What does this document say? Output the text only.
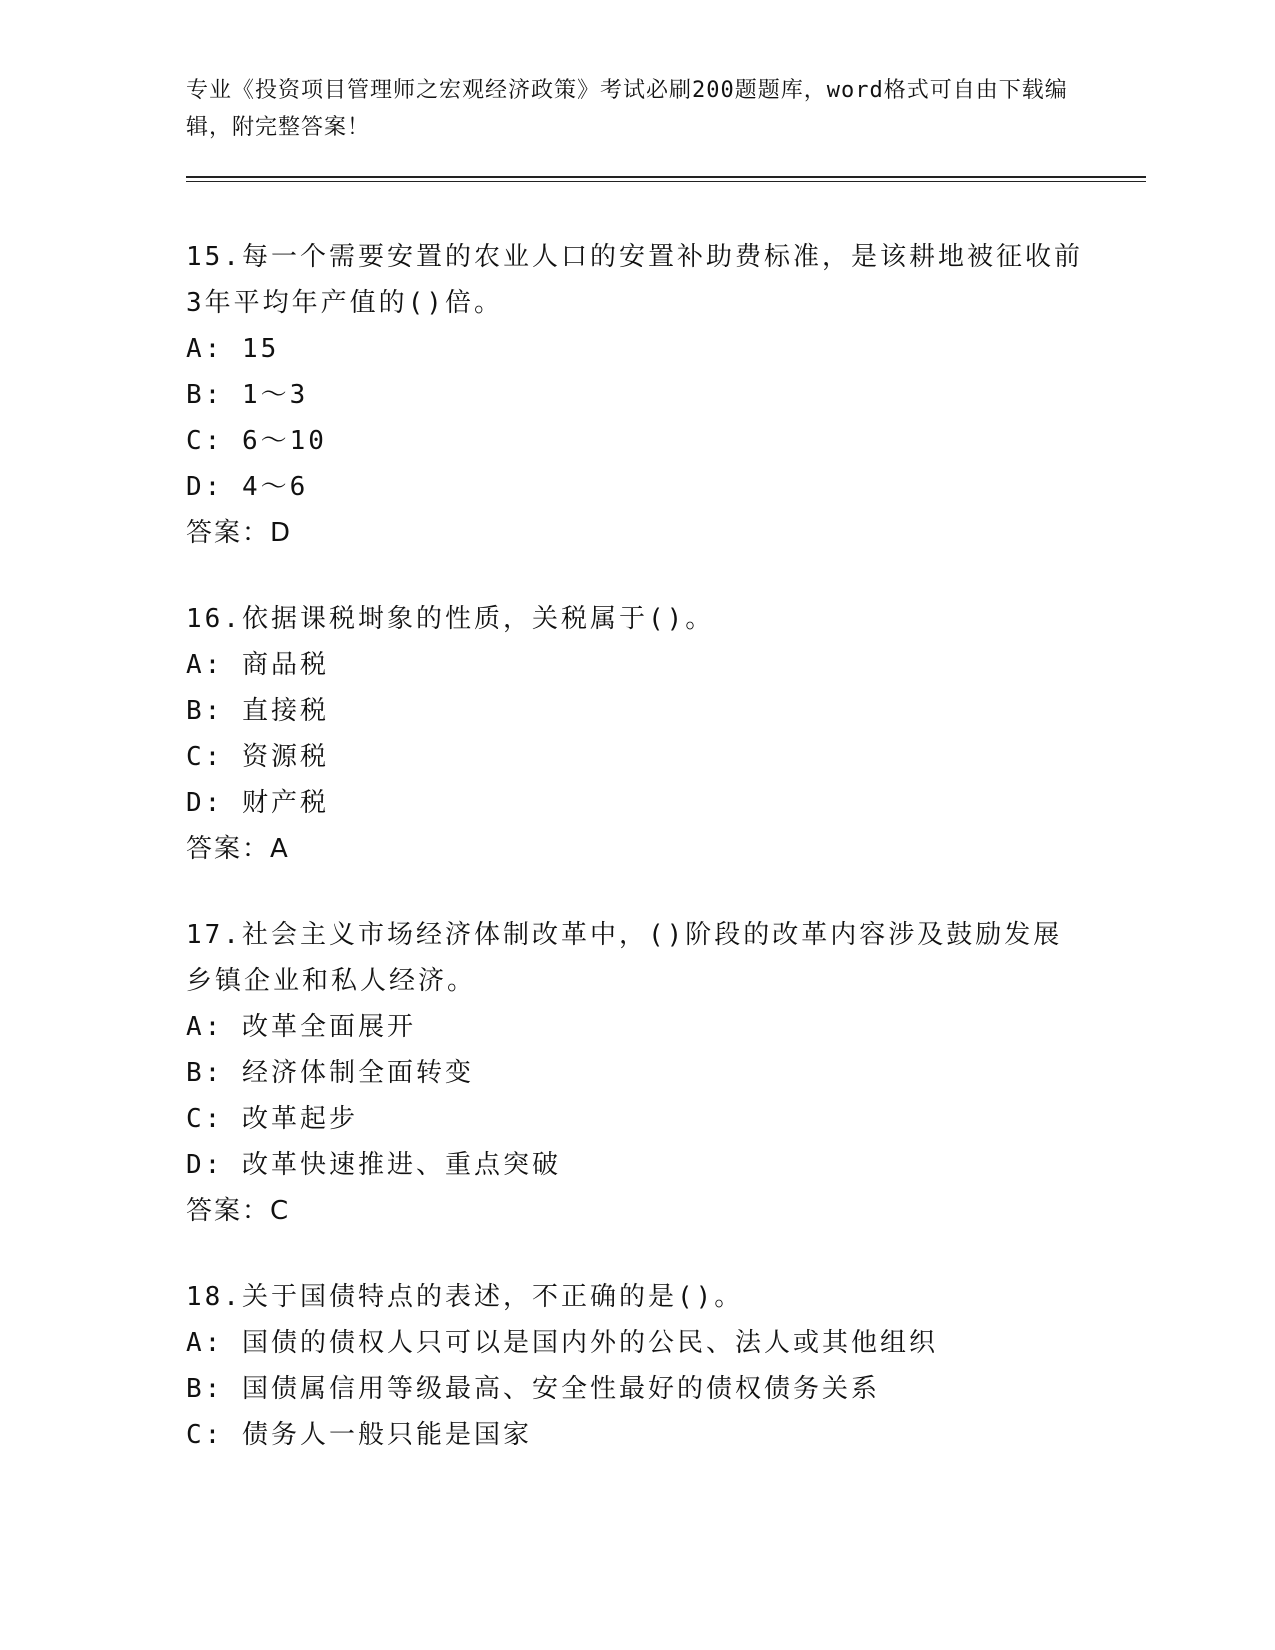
专业《投资项目管理师之宏观经济政策》考试必刷200题题库，word格式可自由下载编辑，附完整答案！
15.每一个需要安置的农业人口的安置补助费标准，是该耕地被征收前3年平均年产值的()倍。
A: 15
B: 1～3
C: 6～10
D: 4～6
答案：D
16.依据课税埘象的性质，关税属于()。
A: 商品税
B: 直接税
C: 资源税
D: 财产税
答案：A
17.社会主义市场经济体制改革中，()阶段的改革内容涉及鼓励发展乡镇企业和私人经济。
A: 改革全面展开
B: 经济体制全面转变
C: 改革起步
D: 改革快速推进、重点突破
答案：C
18.关于国债特点的表述，不正确的是()。
A: 国债的债权人只可以是国内外的公民、法人或其他组织
B: 国债属信用等级最高、安全性最好的债权债务关系
C: 债务人一般只能是国家
